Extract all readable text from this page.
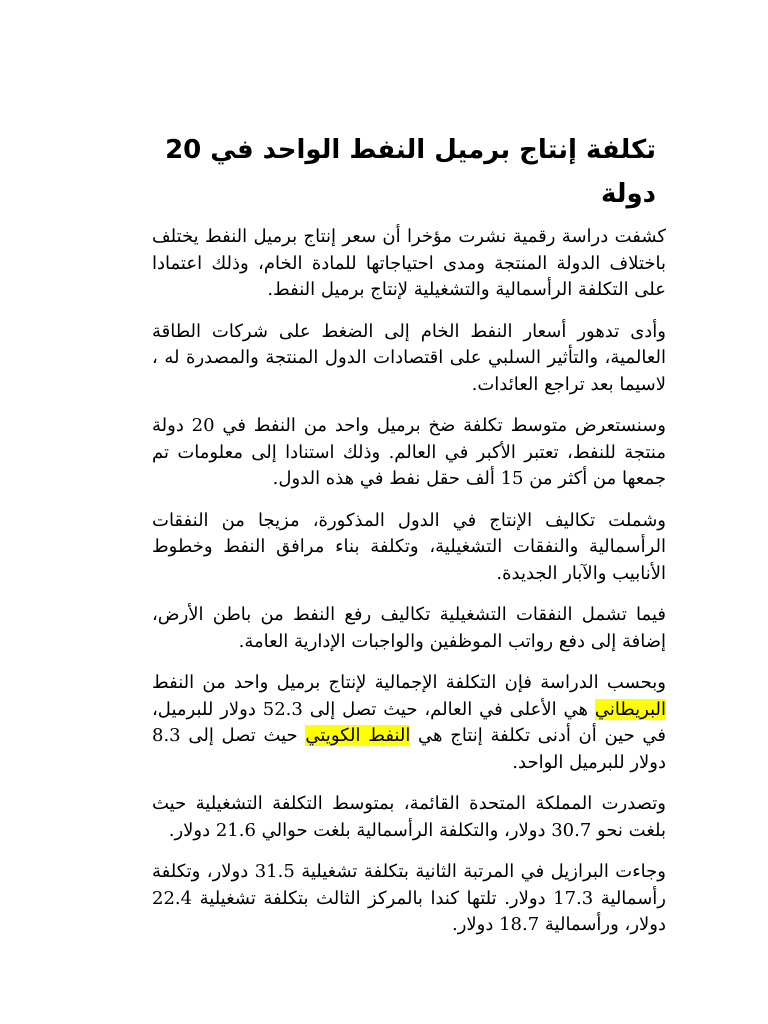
تكلفة إنتاج برميل النفط الواحد في 20 دولة

كشفت دراسة رقمية نشرت مؤخرا أن سعر إنتاج برميل النفط يختلف باختلاف الدولة المنتجة ومدى احتياجاتها للمادة الخام، وذلك اعتمادا على التكلفة الرأسمالية والتشغيلية لإنتاج برميل النفط.

وأدى تدهور أسعار النفط الخام إلى الضغط على شركات الطاقة العالمية، والتأثير السلبي على اقتصادات الدول المنتجة والمصدرة له ، لاسيما بعد تراجع العائدات.

وسنستعرض متوسط تكلفة ضخ برميل واحد من النفط في 20 دولة منتجة للنفط، تعتبر الأكبر في العالم. وذلك استنادا إلى معلومات تم جمعها من أكثر من 15 ألف حقل نفط في هذه الدول.

وشملت تكاليف الإنتاج في الدول المذكورة، مزيجا من النفقات الرأسمالية والنفقات التشغيلية، وتكلفة بناء مرافق النفط وخطوط الأنابيب والآبار الجديدة.

فيما تشمل النفقات التشغيلية تكاليف رفع النفط من باطن الأرض، إضافة إلى دفع رواتب الموظفين والواجبات الإدارية العامة.

وبحسب الدراسة فإن التكلفة الإجمالية لإنتاج برميل واحد من النفط البريطاني هي الأعلى في العالم، حيث تصل إلى 52.3 دولار للبرميل، في حين أن أدنى تكلفة إنتاج هي النفط الكويتي حيث تصل إلى 8.3 دولار للبرميل الواحد.

وتصدرت المملكة المتحدة القائمة، بمتوسط التكلفة التشغيلية حيث بلغت نحو 30.7 دولار، والتكلفة الرأسمالية بلغت حوالي 21.6 دولار.

وجاءت البرازيل في المرتبة الثانية بتكلفة تشغيلية 31.5 دولار، وتكلفة رأسمالية 17.3 دولار. تلتها كندا بالمركز الثالث بتكلفة تشغيلية 22.4 دولار، ورأسمالية 18.7 دولار.
